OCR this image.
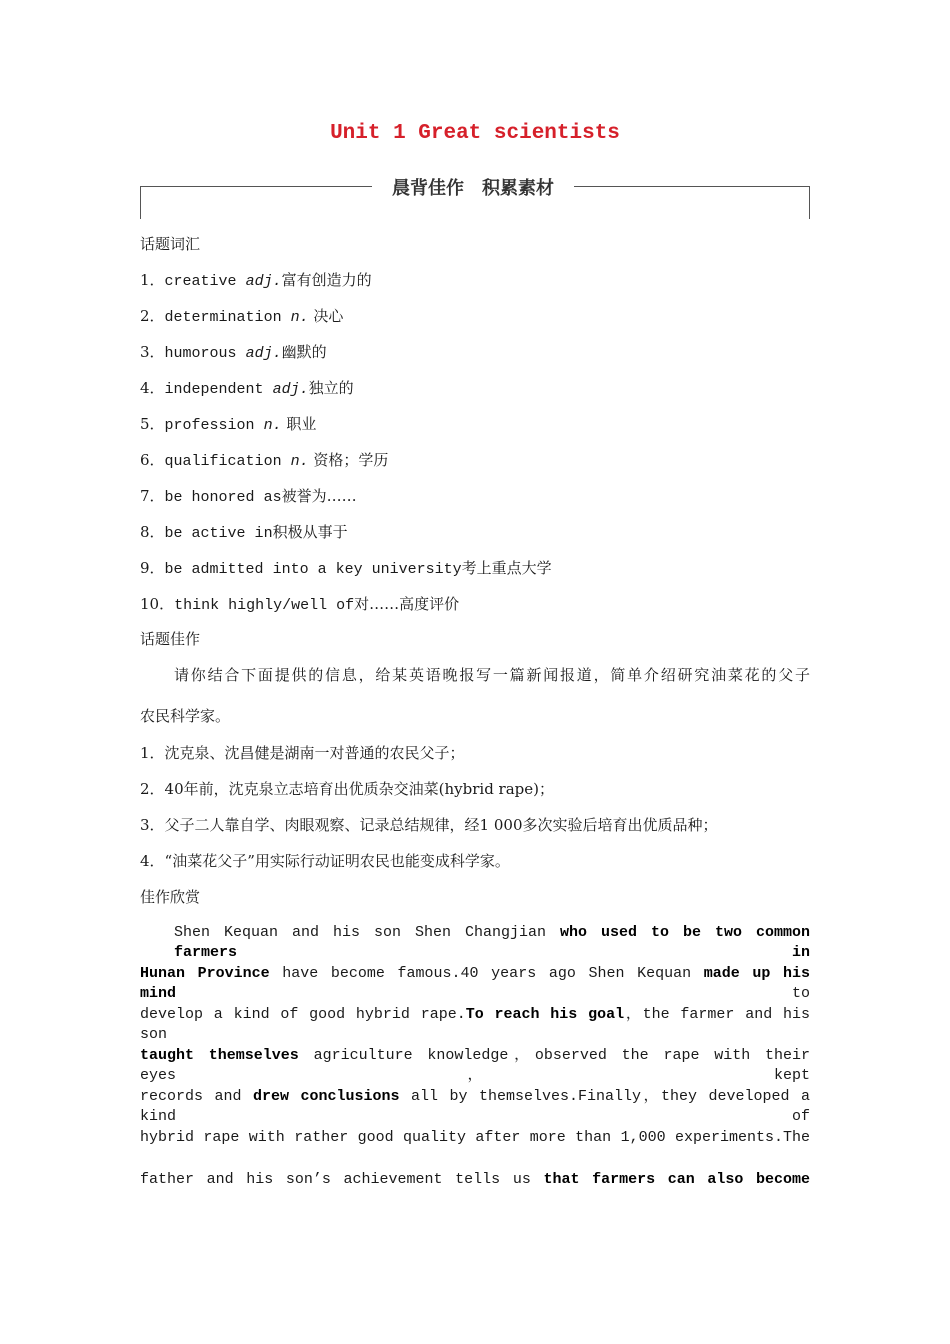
Unit 1 Great scientists
晨背佳作　积累素材
话题词汇
1．creative adj.富有创造力的
2．determination n. 决心
3．humorous adj.幽默的
4．independent adj.独立的
5．profession n. 职业
6．qualification n. 资格；学历
7．be honored as被誉为……
8．be active in积极从事于
9．be admitted into a key university考上重点大学
10．think highly/well of对……高度评价
话题佳作
请你结合下面提供的信息，给某英语晚报写一篇新闻报道，简单介绍研究油菜花的父子
农民科学家。
1．沈克泉、沈昌健是湖南一对普通的农民父子；
2．40年前，沈克泉立志培育出优质杂交油菜(hybrid rape)；
3．父子二人靠自学、肉眼观察、记录总结规律，经1 000多次实验后培育出优质品种；
4．“油菜花父子”用实际行动证明农民也能变成科学家。
佳作欣赏
Shen Kequan and his son Shen Changjian who used to be two common farmers in
Hunan Province have become famous.40 years ago Shen Kequan made up his mind to
develop a kind of good hybrid rape.To reach his goal，the farmer and his son
taught themselves agriculture knowledge，observed the rape with their eyes，kept
records and drew conclusions all by themselves.Finally，they developed a kind of
hybrid rape with rather good quality after more than 1,000 experiments.The
father and his son’s achievement tells us that farmers can also become
